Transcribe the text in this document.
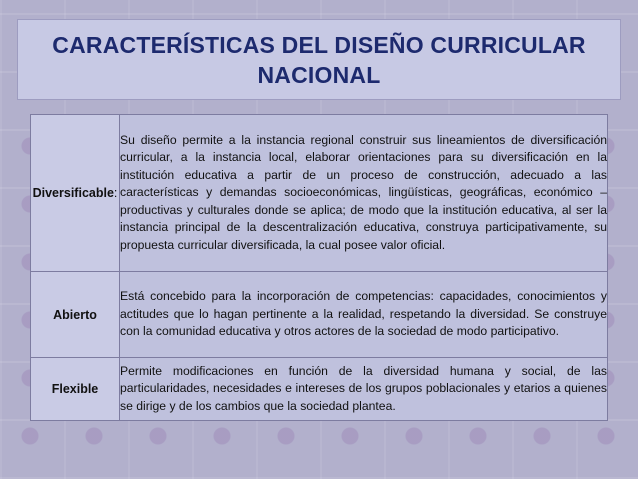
CARACTERÍSTICAS DEL DISEÑO CURRICULAR NACIONAL
Diversificable:	Su diseño permite a la instancia regional construir sus lineamientos de diversificación curricular, a la instancia local, elaborar orientaciones para su diversificación en la institución educativa a partir de un proceso de construcción, adecuado a las características y demandas socioeconómicas, lingüísticas, geográficas, económico – productivas y culturales donde se aplica; de modo que la institución educativa, al ser la instancia principal de la descentralización educativa, construya participativamente, su propuesta curricular diversificada, la cual posee valor oficial.
Abierto	Está concebido para la incorporación de competencias: capacidades, conocimientos y actitudes que lo hagan pertinente a la realidad, respetando la diversidad. Se construye con la comunidad educativa y otros actores de la sociedad de modo participativo.
Flexible	Permite modificaciones en función de la diversidad humana y social, de las particularidades, necesidades e intereses de los grupos poblacionales y etarios a quienes se dirige y de los cambios que la sociedad plantea.
